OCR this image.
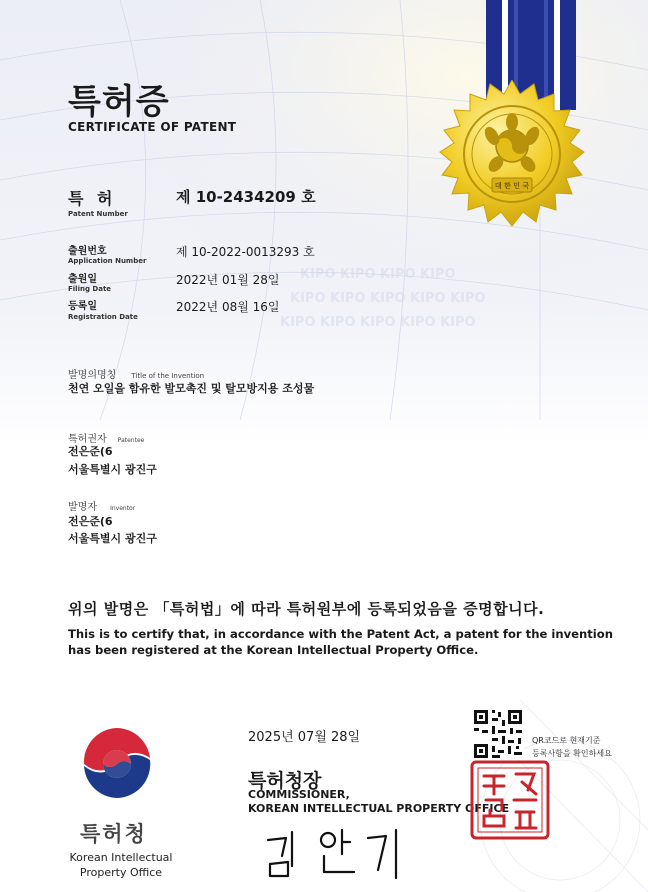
KIPO KIPO KIPO KIPO
KIPO KIPO KIPO KIPO KIPO
KIPO KIPO KIPO KIPO KIPO
대 한 민 국
특허증
CERTIFICATE OF PATENT
특 허
Patent Number
제 10-2434209 호
출원번호
Application Number
제 10-2022-0013293 호
출원일
Filing Date
2022년 01월 28일
등록일
Registration Date
2022년 08월 16일
발명의명칭 Title of the Invention
천연 오일을 함유한 발모촉진 및 탈모방지용 조성물
특허권자 Patentee
전은준(6
서울특별시 광진구
발명자 Inventor
전은준(6
서울특별시 광진구
위의 발명은 「특허법」에 따라 특허원부에 등록되었음을 증명합니다.
This is to certify that, in accordance with the Patent Act, a patent for the invention has been registered at the Korean Intellectual Property Office.
2025년 07월 28일
특허청장
COMMISSIONER,
KOREAN INTELLECTUAL PROPERTY OFFICE
QR코드로 현재기준
등록사항을 확인하세요
특허청
Korean Intellectual
Property Office
